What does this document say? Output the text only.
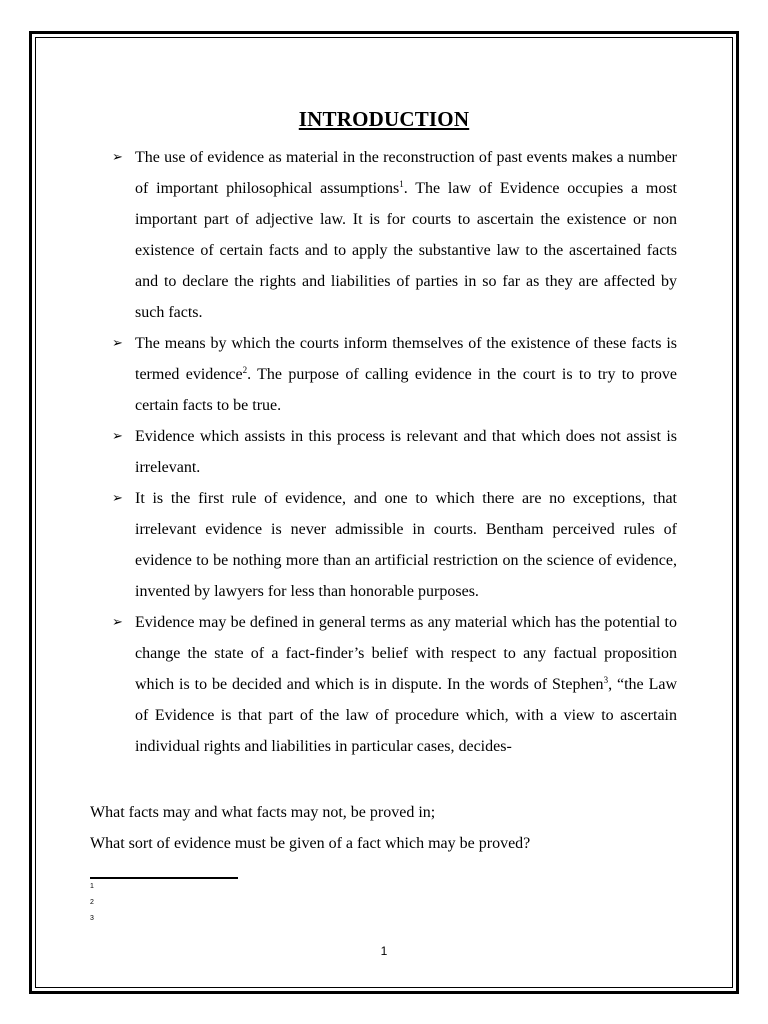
INTRODUCTION
➢ The use of evidence as material in the reconstruction of past events makes a number of important philosophical assumptions$^1$. The law of Evidence occupies a most important part of adjective law. It is for courts to ascertain the existence or non existence of certain facts and to apply the substantive law to the ascertained facts and to declare the rights and liabilities of parties in so far as they are affected by such facts.
➢ The means by which the courts inform themselves of the existence of these facts is termed evidence$^2$. The purpose of calling evidence in the court is to try to prove certain facts to be true.
➢ Evidence which assists in this process is relevant and that which does not assist is irrelevant.
➢ It is the first rule of evidence, and one to which there are no exceptions, that irrelevant evidence is never admissible in courts. Bentham perceived rules of evidence to be nothing more than an artificial restriction on the science of evidence, invented by lawyers for less than honorable purposes.
➢ Evidence may be defined in general terms as any material which has the potential to change the state of a fact-finder’s belief with respect to any factual proposition which is to be decided and which is in dispute. In the words of Stephen$^3$, “the Law of Evidence is that part of the law of procedure which, with a view to ascertain individual rights and liabilities in particular cases, decides-
What facts may and what facts may not, be proved in;
What sort of evidence must be given of a fact which may be proved?
1
2
3
1
